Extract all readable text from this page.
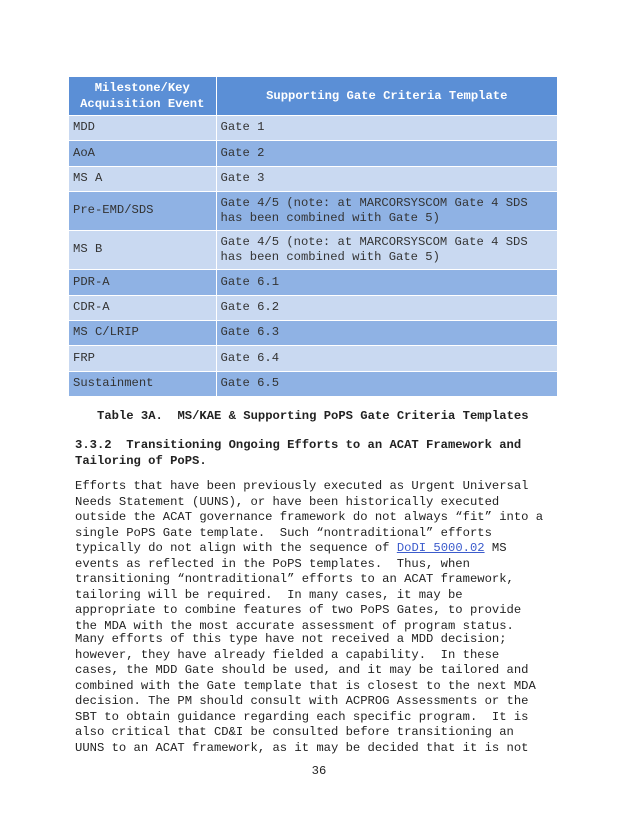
Milestone/Key
Acquisition Event	Supporting Gate Criteria Template
MDD	Gate 1
AoA	Gate 2
MS A	Gate 3
Pre-EMD/SDS	Gate 4/5 (note: at MARCORSYSCOM Gate 4 SDS
has been combined with Gate 5)
MS B	Gate 4/5 (note: at MARCORSYSCOM Gate 4 SDS
has been combined with Gate 5)
PDR-A	Gate 6.1
CDR-A	Gate 6.2
MS C/LRIP	Gate 6.3
FRP	Gate 6.4
Sustainment	Gate 6.5
Table 3A.  MS/KAE & Supporting PoPS Gate Criteria Templates
3.3.2  Transitioning Ongoing Efforts to an ACAT Framework and
Tailoring of PoPS.
Efforts that have been previously executed as Urgent Universal
Needs Statement (UUNS), or have been historically executed
outside the ACAT governance framework do not always “fit” into a
single PoPS Gate template.  Such “nontraditional” efforts
typically do not align with the sequence of DoDI 5000.02 MS
events as reflected in the PoPS templates.  Thus, when
transitioning “nontraditional” efforts to an ACAT framework,
tailoring will be required.  In many cases, it may be
appropriate to combine features of two PoPS Gates, to provide
the MDA with the most accurate assessment of program status.
Many efforts of this type have not received a MDD decision;
however, they have already fielded a capability.  In these
cases, the MDD Gate should be used, and it may be tailored and
combined with the Gate template that is closest to the next MDA
decision. The PM should consult with ACPROG Assessments or the
SBT to obtain guidance regarding each specific program.  It is
also critical that CD&I be consulted before transitioning an
UUNS to an ACAT framework, as it may be decided that it is not
36
